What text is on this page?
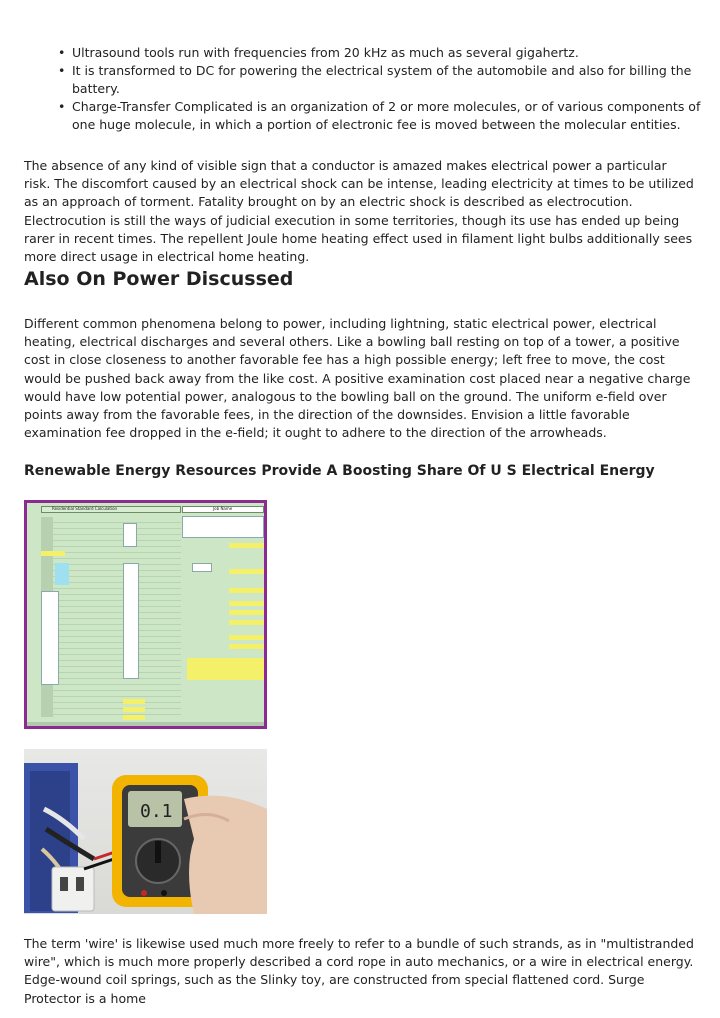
• Ultrasound tools run with frequencies from 20 kHz as much as several gigahertz.
• It is transformed to DC for powering the electrical system of the automobile and also for billing the battery.
• Charge-Transfer Complicated is an organization of 2 or more molecules, or of various components of one huge molecule, in which a portion of electronic fee is moved between the molecular entities.

The absence of any kind of visible sign that a conductor is amazed makes electrical power a particular risk. The discomfort caused by an electrical shock can be intense, leading electricity at times to be utilized as an approach of torment. Fatality brought on by an electric shock is described as electrocution. Electrocution is still the ways of judicial execution in some territories, though its use has ended up being rarer in recent times. The repellent Joule home heating effect used in filament light bulbs additionally sees more direct usage in electrical home heating.

Also On Power Discussed

Different common phenomena belong to power, including lightning, static electrical power, electrical heating, electrical discharges and several others. Like a bowling ball resting on top of a tower, a positive cost in close closeness to another favorable fee has a high possible energy; left free to move, the cost would be pushed back away from the like cost. A positive examination cost placed near a negative charge would have low potential power, analogous to the bowling ball on the ground. The uniform e-field over points away from the favorable fees, in the direction of the downsides. Envision a little favorable examination fee dropped in the e-field; it ought to adhere to the direction of the arrowheads.

Renewable Energy Resources Provide A Boosting Share Of U S Electrical Energy
Residential Standard Calculation	Job Name
0.1

The term 'wire' is likewise used much more freely to refer to a bundle of such strands, as in "multistranded wire", which is much more properly described a cord rope in auto mechanics, or a wire in electrical energy. Edge-wound coil springs, such as the Slinky toy, are constructed from special flattened cord. Surge Protector is a home
